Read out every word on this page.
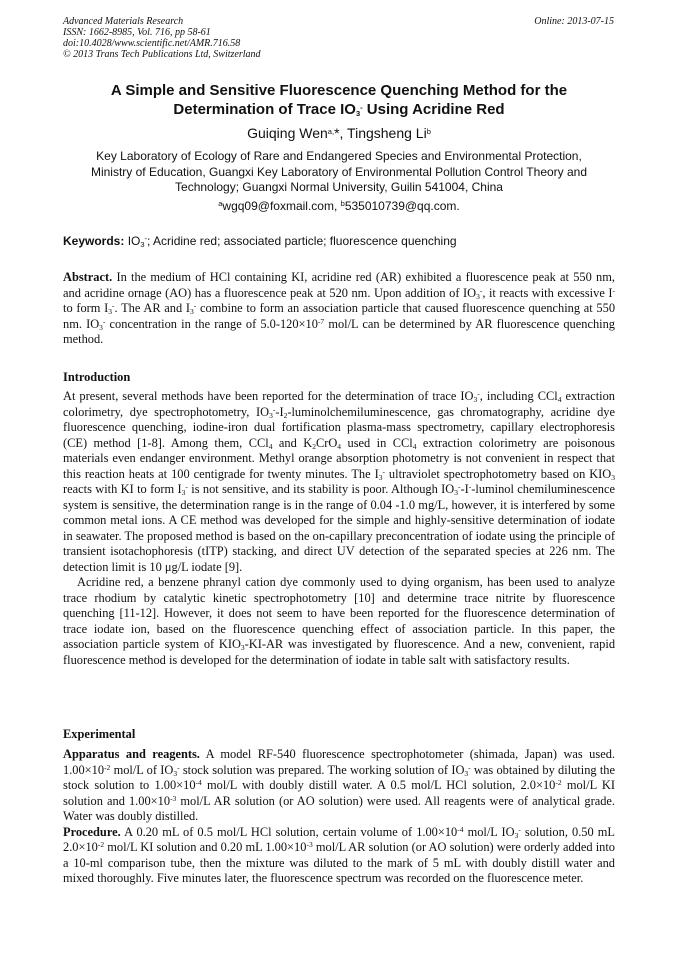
Advanced Materials Research
ISSN: 1662-8985, Vol. 716, pp 58-61
doi:10.4028/www.scientific.net/AMR.716.58
© 2013 Trans Tech Publications Ltd, Switzerland
Online: 2013-07-15
A Simple and Sensitive Fluorescence Quenching Method for the
Determination of Trace $IO_3^-$ Using Acridine Red
Guiqing Wen$^{a,}$*, Tingsheng Li$^b$
Key Laboratory of Ecology of Rare and Endangered Species and Environmental Protection,
Ministry of Education, Guangxi Key Laboratory of Environmental Pollution Control Theory and
Technology; Guangxi Normal University, Guilin 541004, China
$^a$wgq09@foxmail.com, $^b$535010739@qq.com.
Keywords: $IO_3^-$; Acridine red; associated particle; fluorescence quenching

Abstract. In the medium of HCl containing KI, acridine red (AR) exhibited a fluorescence peak at 550 nm, and acridine ornage (AO) has a fluorescence peak at 520 nm. Upon addition of $IO_3^-$, it reacts with excessive I- to form $I_3^-$. The AR and $I_3^-$ combine to form an association particle that caused fluorescence quenching at 550 nm. $IO_3^-$ concentration in the range of $5.0-120\times 10^{-7}$ mol/L can be determined by AR fluorescence quenching method.

Introduction

At present, several methods have been reported for the determination of trace $IO_3^-$, including CCl$_4$ extraction colorimetry, dye spectrophotometry, $IO_3^--I_2$-luminolchemiluminescence, gas chromatography, acridine dye fluorescence quenching, iodine-iron dual fortification plasma-mass spectrometry, capillary electrophoresis (CE) method [1-8]. Among them, CCl$_4$ and $K_2CrO_4$ used in CCl$_4$ extraction colorimetry are poisonous materials even endanger environment. Methyl orange absorption photometry is not convenient in respect that this reaction heats at 100 centigrade for twenty minutes. The $I_3^-$ ultraviolet spectrophotometry based on $KIO_3$ reacts with KI to form $I_3^-$ is not sensitive, and its stability is poor. Although $IO_3^--I^-$-luminol chemiluminescence system is sensitive, the determination range is in the range of 0.04 -1.0 mg/L, however, it is interfered by some common metal ions. A CE method was developed for the simple and highly-sensitive determination of iodate in seawater. The proposed method is based on the on-capillary preconcentration of iodate using the principle of transient isotachophoresis (tITP) stacking, and direct UV detection of the separated species at 226 nm. The detection limit is 10 μg/L iodate [9].

Acridine red, a benzene phranyl cation dye commonly used to dying organism, has been used to analyze trace rhodium by catalytic kinetic spectrophotometry [10] and determine trace nitrite by fluorescence quenching [11-12]. However, it does not seem to have been reported for the fluorescence determination of trace iodate ion, based on the fluorescence quenching effect of association particle. In this paper, the association particle system of $KIO_3-KI-AR$ was investigated by fluorescence. And a new, convenient, rapid fluorescence method is developed for the determination of iodate in table salt with satisfactory results.

Experimental

Apparatus and reagents. A model RF-540 fluorescence spectrophotometer (shimada, Japan) was used. $1.00\times 10^{-2}$ mol/L of $IO_3^-$ stock solution was prepared. The working solution of $IO_3^-$ was obtained by diluting the stock solution to $1.00\times 10^{-4}$ mol/L with doubly distill water. A 0.5 mol/L HCl solution, $2.0\times 10^{-2}$ mol/L KI solution and $1.00\times 10^{-3}$ mol/L AR solution (or AO solution) were used. All reagents were of analytical grade. Water was doubly distilled.

Procedure. A 0.20 mL of 0.5 mol/L HCl solution, certain volume of $1.00\times 10^{-4}$ mol/L $IO_3^-$ solution, 0.50 mL $2.0\times 10^{-2}$ mol/L KI solution and 0.20 mL $1.00\times 10^{-3}$ mol/L AR solution (or AO solution) were orderly added into a 10-ml comparison tube, then the mixture was diluted to the mark of 5 mL with doubly distill water and mixed thoroughly. Five minutes later, the fluorescence spectrum was recorded on the fluorescence meter.
